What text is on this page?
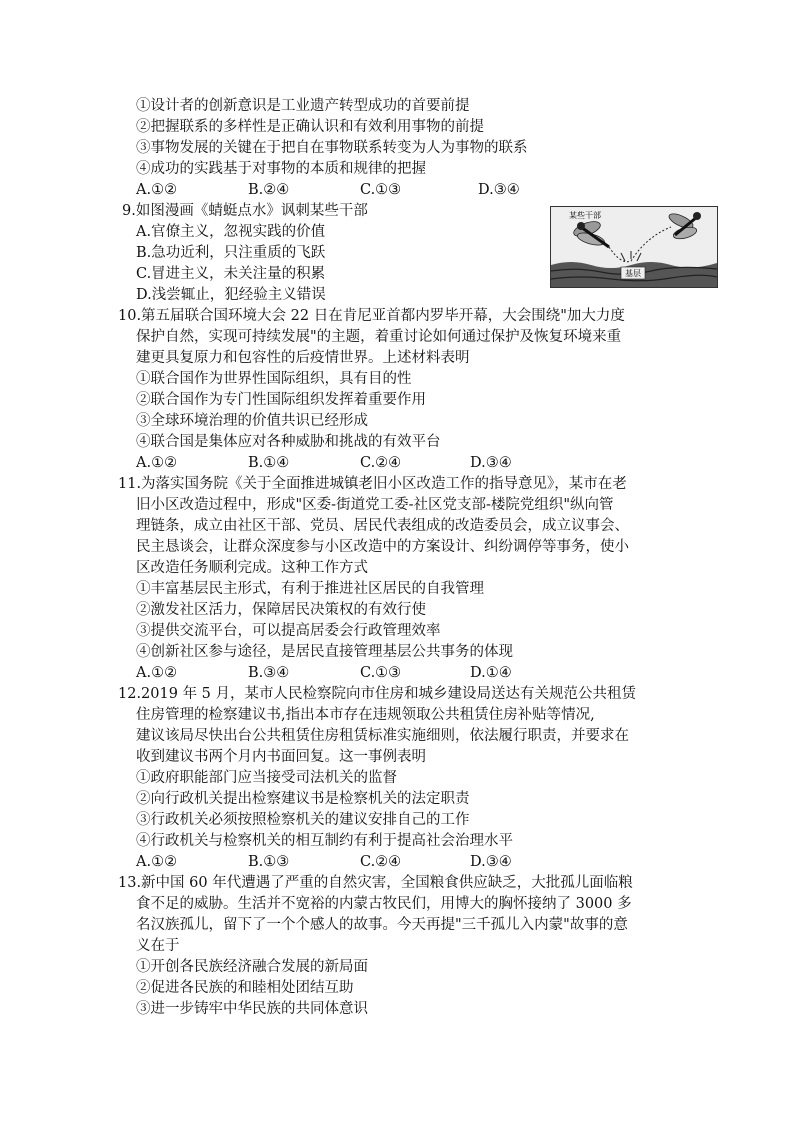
①设计者的创新意识是工业遗产转型成功的首要前提
②把握联系的多样性是正确认识和有效利用事物的前提
③事物发展的关键在于把自在事物联系转变为人为事物的联系
④成功的实践基于对事物的本质和规律的把握
A.①②	B.②④	C.①③	D.③④
9.如图漫画《蜻蜓点水》讽刺某些干部
A.官僚主义，忽视实践的价值
B.急功近利，只注重质的飞跃
C.冒进主义，未关注量的积累
D.浅尝辄止，犯经验主义错误
某些干部
基层
10.第五届联合国环境大会 22 日在肯尼亚首都内罗毕开幕，大会围绕"加大力度
保护自然，实现可持续发展"的主题，着重讨论如何通过保护及恢复环境来重
建更具复原力和包容性的后疫情世界。上述材料表明
①联合国作为世界性国际组织，具有目的性
②联合国作为专门性国际组织发挥着重要作用
③全球环境治理的价值共识已经形成
④联合国是集体应对各种威胁和挑战的有效平台
A.①②	B.①④	C.②④	D.③④
11.为落实国务院《关于全面推进城镇老旧小区改造工作的指导意见》，某市在老
旧小区改造过程中，形成"区委-街道党工委-社区党支部-楼院党组织"纵向管
理链条，成立由社区干部、党员、居民代表组成的改造委员会，成立议事会、
民主恳谈会，让群众深度参与小区改造中的方案设计、纠纷调停等事务，使小
区改造任务顺利完成。这种工作方式
①丰富基层民主形式，有利于推进社区居民的自我管理
②激发社区活力，保障居民决策权的有效行使
③提供交流平台，可以提高居委会行政管理效率
④创新社区参与途径，是居民直接管理基层公共事务的体现
A.①②	B.③④	C.①③	D.①④
12.2019 年 5 月，某市人民检察院向市住房和城乡建设局送达有关规范公共租赁
住房管理的检察建议书,指出本市存在违规领取公共租赁住房补贴等情况,
建议该局尽快出台公共租赁住房租赁标准实施细则，依法履行职责，并要求在
收到建议书两个月内书面回复。这一事例表明
①政府职能部门应当接受司法机关的监督
②向行政机关提出检察建议书是检察机关的法定职责
③行政机关必须按照检察机关的建议安排自己的工作
④行政机关与检察机关的相互制约有利于提高社会治理水平
A.①②	B.①③	C.②④	D.③④
13.新中国 60 年代遭遇了严重的自然灾害，全国粮食供应缺乏，大批孤儿面临粮
食不足的威胁。生活并不宽裕的内蒙古牧民们，用博大的胸怀接纳了 3000 多
名汉族孤儿，留下了一个个感人的故事。今天再提"三千孤儿入内蒙"故事的意
义在于
①开创各民族经济融合发展的新局面
②促进各民族的和睦相处团结互助
③进一步铸牢中华民族的共同体意识
